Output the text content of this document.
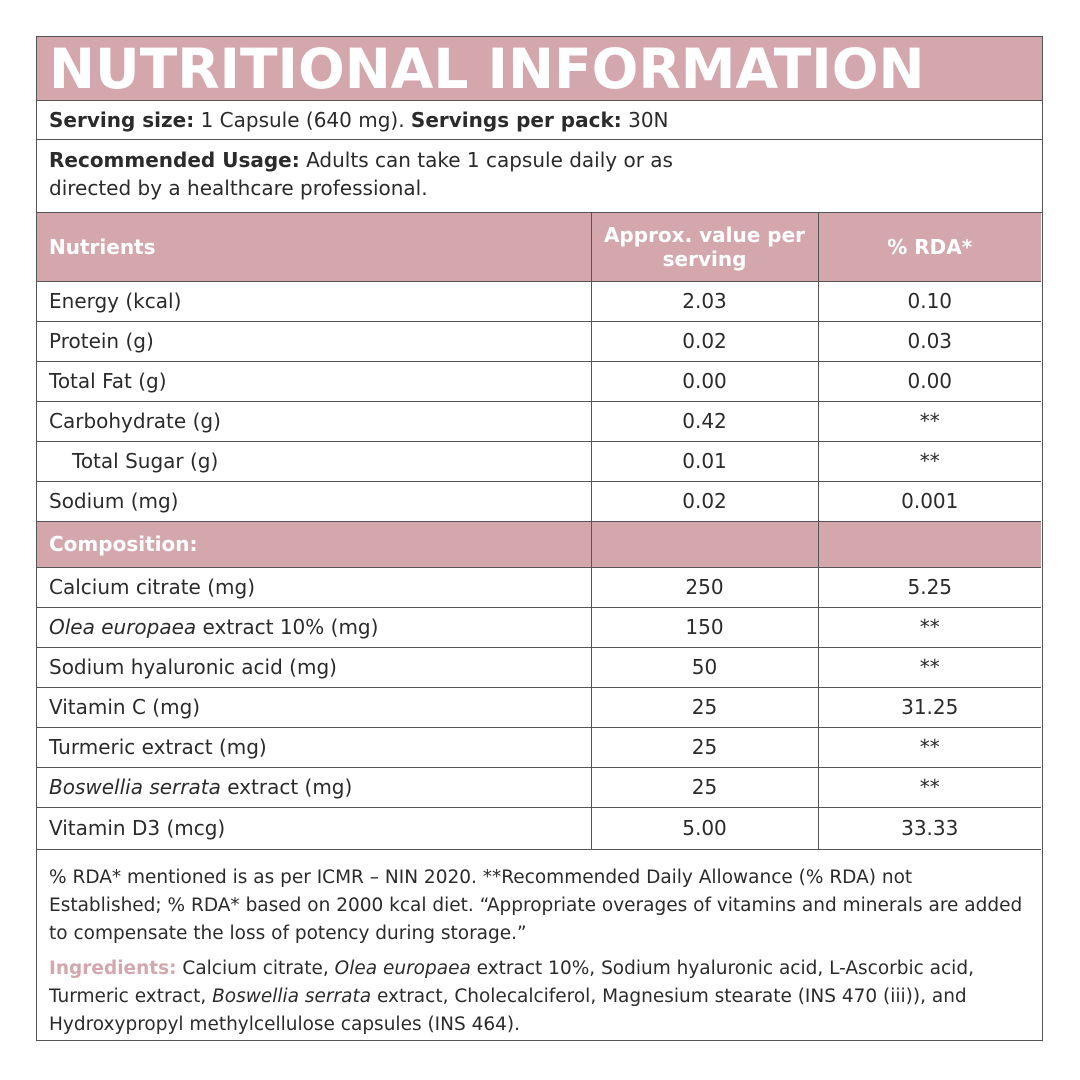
NUTRITIONAL INFORMATION
Serving size: 1 Capsule (640 mg). Servings per pack: 30N
Recommended Usage: Adults can take 1 capsule daily or as directed by a healthcare professional.
Nutrients	Approx. value per serving	% RDA*
Energy (kcal)	2.03	0.10
Protein (g)	0.02	0.03
Total Fat (g)	0.00	0.00
Carbohydrate (g)	0.42	**
Total Sugar (g)	0.01	**
Sodium (mg)	0.02	0.001
Composition:		
Calcium citrate (mg)	250	5.25
Olea europaea extract 10% (mg)	150	**
Sodium hyaluronic acid (mg)	50	**
Vitamin C (mg)	25	31.25
Turmeric extract (mg)	25	**
Boswellia serrata extract (mg)	25	**
Vitamin D3 (mcg)	5.00	33.33

% RDA* mentioned is as per ICMR – NIN 2020. **Recommended Daily Allowance (% RDA) not Established; % RDA* based on 2000 kcal diet. “Appropriate overages of vitamins and minerals are added to compensate the loss of potency during storage.”

Ingredients: Calcium citrate, Olea europaea extract 10%, Sodium hyaluronic acid, L-Ascorbic acid, Turmeric extract, Boswellia serrata extract, Cholecalciferol, Magnesium stearate (INS 470 (iii)), and Hydroxypropyl methylcellulose capsules (INS 464).
